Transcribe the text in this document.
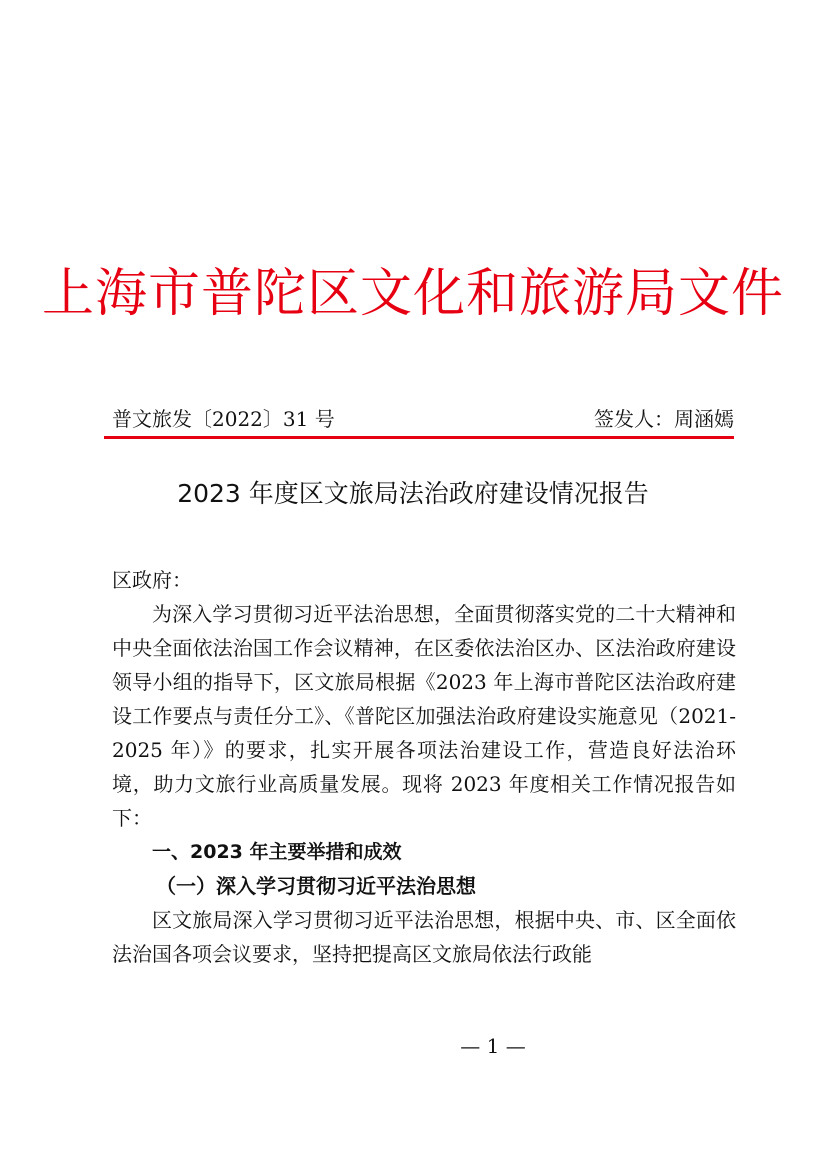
上海市普陀区文化和旅游局文件
普文旅发〔2022〕31 号	签发人：周涵嫣
2023 年度区文旅局法治政府建设情况报告

区政府：

为深入学习贯彻习近平法治思想，全面贯彻落实党的二十大精神和中央全面依法治国工作会议精神，在区委依法治区办、区法治政府建设领导小组的指导下，区文旅局根据《2023 年上海市普陀区法治政府建设工作要点与责任分工》、《普陀区加强法治政府建设实施意见（2021-2025 年）》的要求，扎实开展各项法治建设工作，营造良好法治环境，助力文旅行业高质量发展。现将 2023 年度相关工作情况报告如下：

一、2023 年主要举措和成效

（一）深入学习贯彻习近平法治思想

区文旅局深入学习贯彻习近平法治思想，根据中央、市、区全面依法治国各项会议要求，坚持把提高区文旅局依法行政能

— 1 —
